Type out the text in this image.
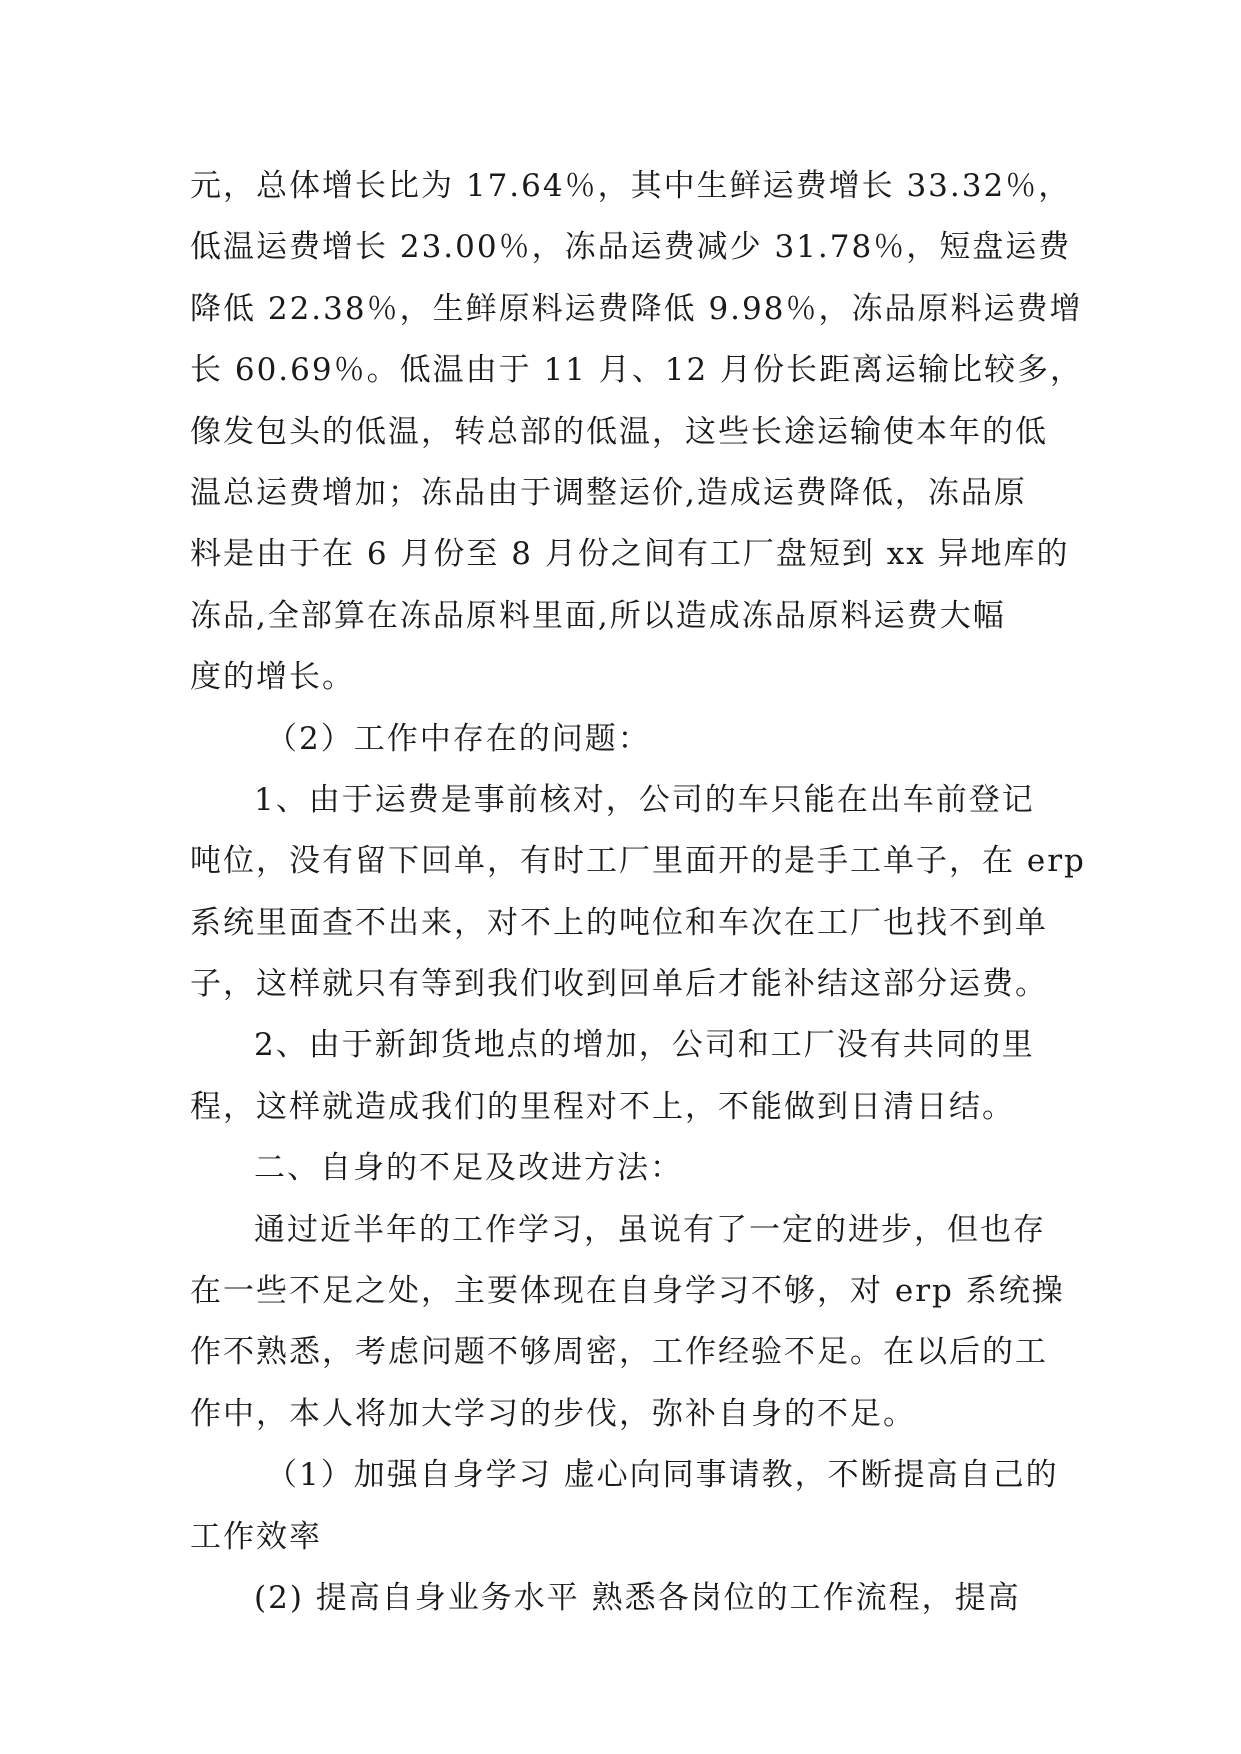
元，总体增长比为 17.64％，其中生鲜运费增长 33.32％，
低温运费增长 23.00％，冻品运费减少 31.78％，短盘运费
降低 22.38％，生鲜原料运费降低 9.98％，冻品原料运费增
长 60.69％。低温由于 11 月、12 月份长距离运输比较多，
像发包头的低温，转总部的低温，这些长途运输使本年的低
温总运费增加；冻品由于调整运价,造成运费降低，冻品原
料是由于在 6 月份至 8 月份之间有工厂盘短到 xx 异地库的
冻品,全部算在冻品原料里面,所以造成冻品原料运费大幅
度的增长。
（2）工作中存在的问题：
1、由于运费是事前核对，公司的车只能在出车前登记
吨位，没有留下回单，有时工厂里面开的是手工单子，在 erp
系统里面查不出来，对不上的吨位和车次在工厂也找不到单
子，这样就只有等到我们收到回单后才能补结这部分运费。
2、由于新卸货地点的增加，公司和工厂没有共同的里
程，这样就造成我们的里程对不上，不能做到日清日结。
二、自身的不足及改进方法：
通过近半年的工作学习，虽说有了一定的进步，但也存
在一些不足之处，主要体现在自身学习不够，对 erp 系统操
作不熟悉，考虑问题不够周密，工作经验不足。在以后的工
作中，本人将加大学习的步伐，弥补自身的不足。
（1）加强自身学习 虚心向同事请教，不断提高自己的
工作效率
(2) 提高自身业务水平 熟悉各岗位的工作流程，提高
